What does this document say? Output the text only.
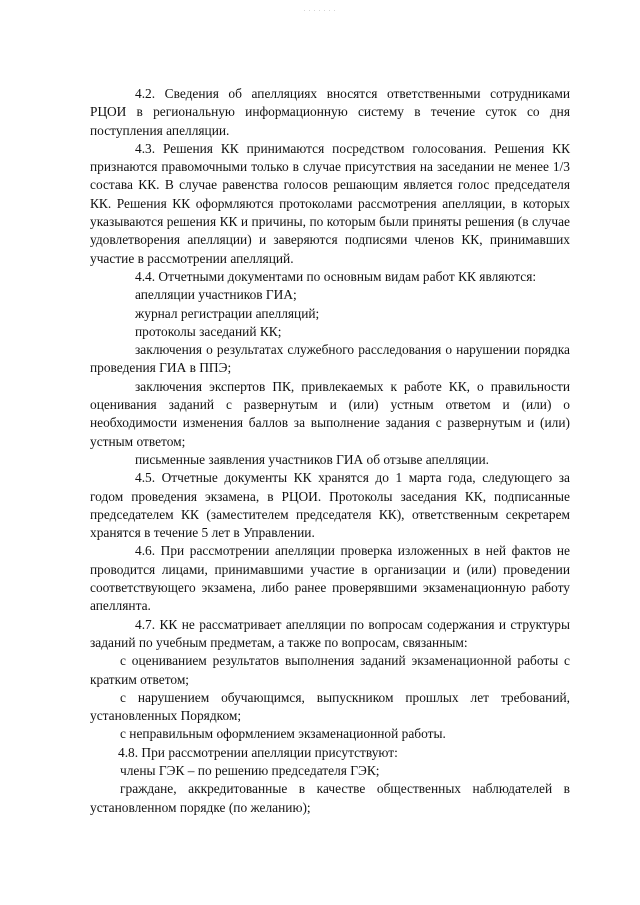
. . . . . . .

4.2. Сведения об апелляциях вносятся ответственными сотрудниками РЦОИ в региональную информационную систему в течение суток со дня поступления апелляции.

4.3. Решения КК принимаются посредством голосования. Решения КК признаются правомочными только в случае присутствия на заседании не менее 1/3 состава КК. В случае равенства голосов решающим является голос председателя КК. Решения КК оформляются протоколами рассмотрения апелляции, в которых указываются решения КК и причины, по которым были приняты решения (в случае удовлетворения апелляции) и заверяются подписями членов КК, принимавших участие в рассмотрении апелляций.

4.4. Отчетными документами по основным видам работ КК являются:

апелляции участников ГИА;

журнал регистрации апелляций;

протоколы заседаний КК;

заключения о результатах служебного расследования о нарушении порядка проведения ГИА в ППЭ;

заключения экспертов ПК, привлекаемых к работе КК, о правильности оценивания заданий с развернутым и (или) устным ответом и (или) о необходимости изменения баллов за выполнение задания с развернутым и (или) устным ответом;

письменные заявления участников ГИА об отзыве апелляции.

4.5. Отчетные документы КК хранятся до 1 марта года, следующего за годом проведения экзамена, в РЦОИ. Протоколы заседания КК, подписанные председателем КК (заместителем председателя КК), ответственным секретарем хранятся в течение 5 лет в Управлении.

4.6. При рассмотрении апелляции проверка изложенных в ней фактов не проводится лицами, принимавшими участие в организации и (или) проведении соответствующего экзамена, либо ранее проверявшими экзаменационную работу апеллянта.

4.7. КК не рассматривает апелляции по вопросам содержания и структуры заданий по учебным предметам, а также по вопросам, связанным:

с оцениванием результатов выполнения заданий экзаменационной работы с кратким ответом;

с нарушением обучающимся, выпускником прошлых лет требований, установленных Порядком;

с неправильным оформлением экзаменационной работы.

4.8. При рассмотрении апелляции присутствуют:

члены ГЭК – по решению председателя ГЭК;

граждане, аккредитованные в качестве общественных наблюдателей в установленном порядке (по желанию);
